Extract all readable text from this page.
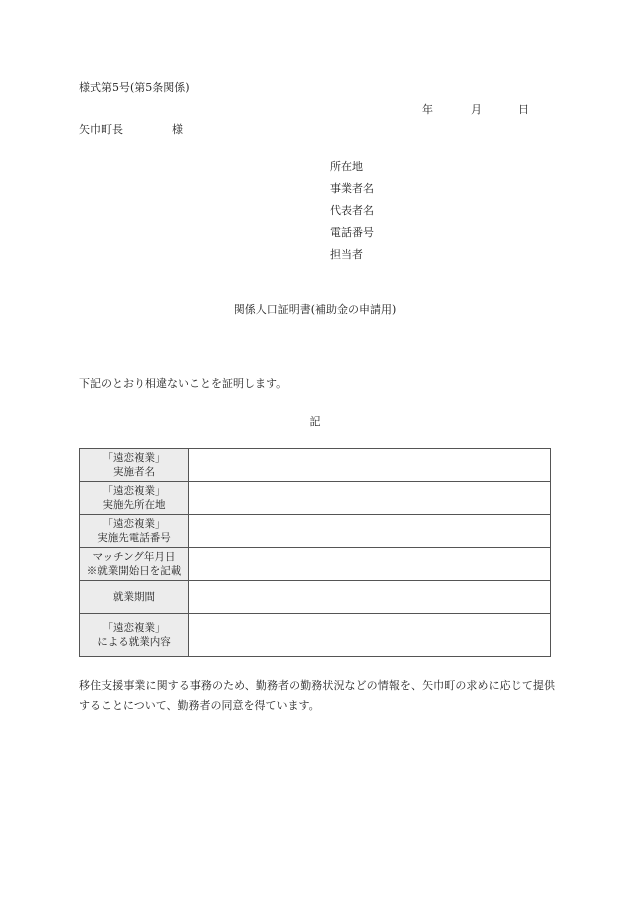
様式第5号(第5条関係)
年	月	日
矢巾町長	様
所在地
事業者名
代表者名
電話番号
担当者
関係人口証明書(補助金の申請用)
下記のとおり相違ないことを証明します。
記
「遠恋複業」
実施者名	

「遠恋複業」
実施先所在地	

「遠恋複業」
実施先電話番号	

マッチング年月日
※就業開始日を記載	

就業期間	

「遠恋複業」
による就業内容	

移住支援事業に関する事務のため、勤務者の勤務状況などの情報を、矢巾町の求めに応じて提供することについて、勤務者の同意を得ています。
